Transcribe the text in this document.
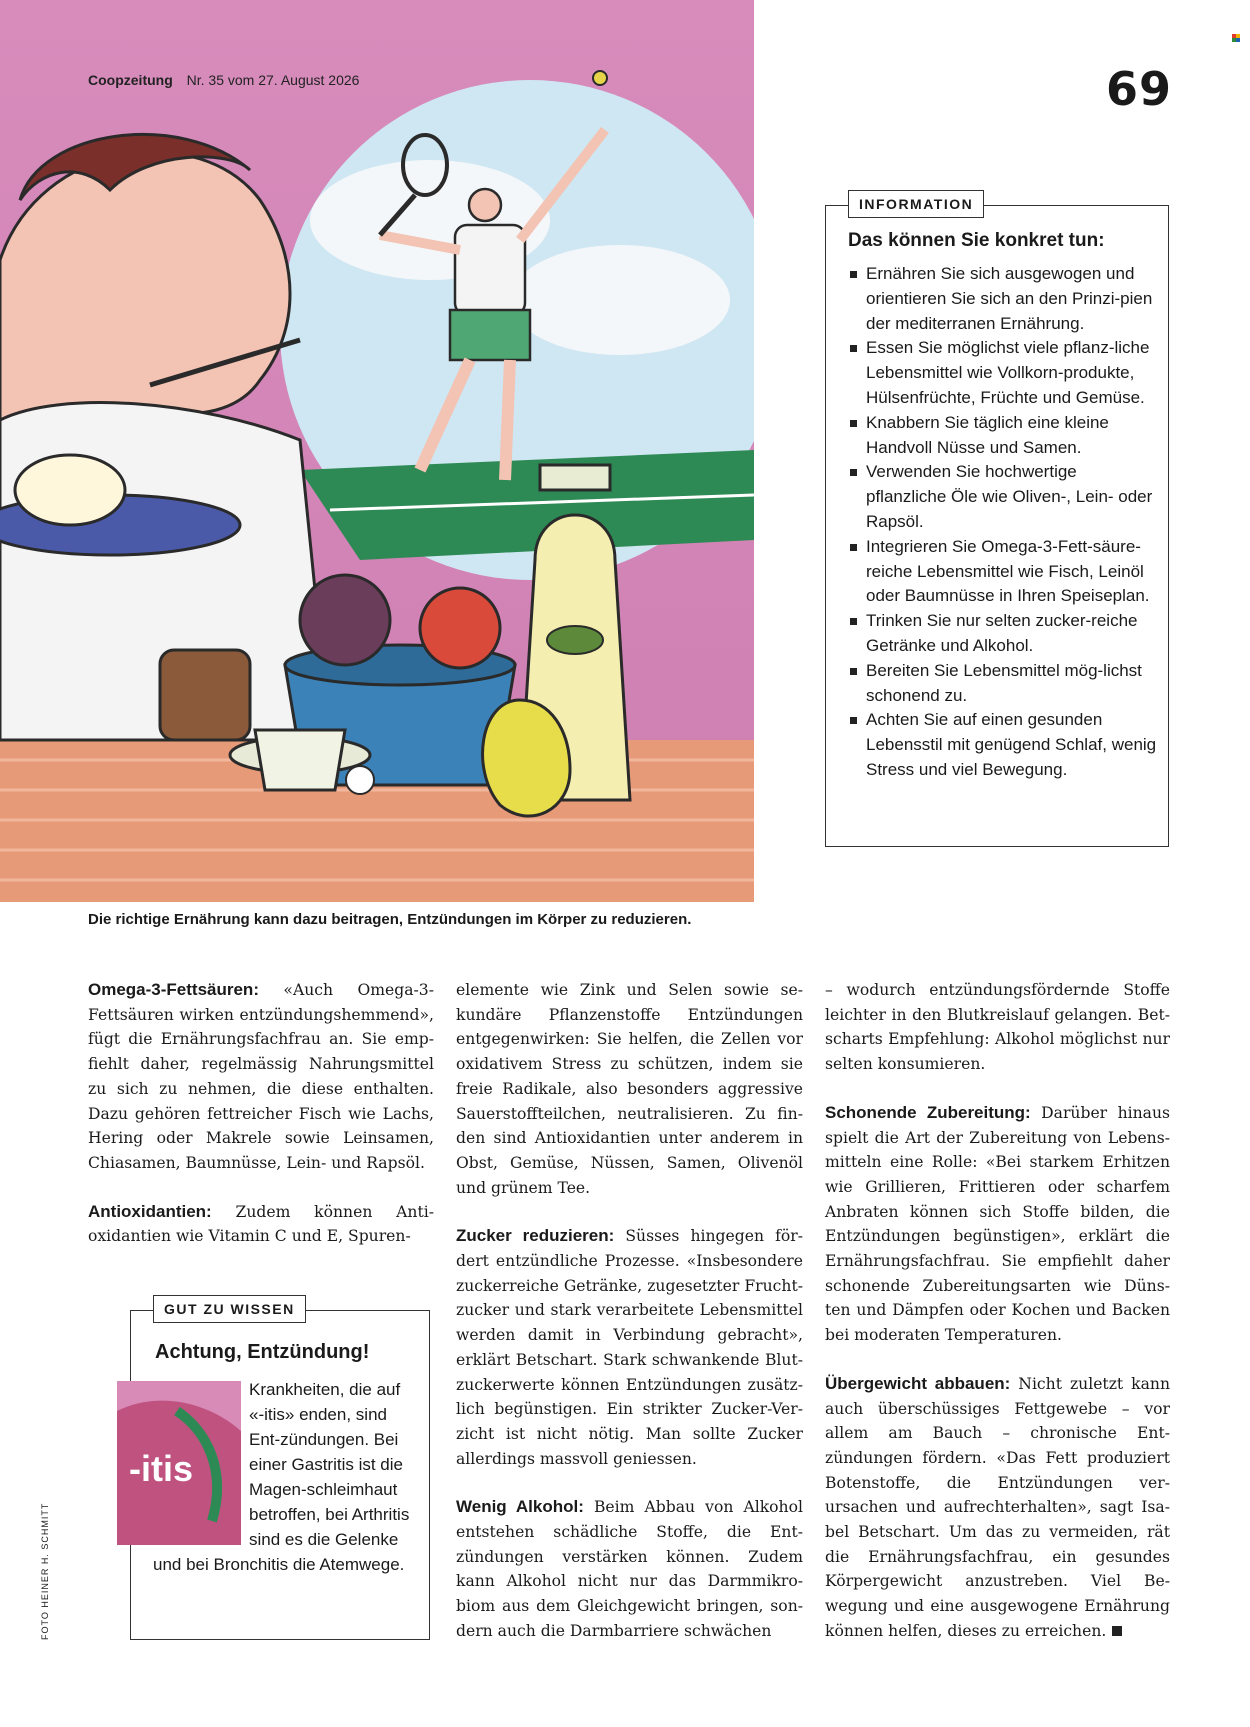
Coopzeitung Nr. 35 vom 27. August 2026	69
INFORMATION
Das können Sie konkret tun:
Ernähren Sie sich ausgewogen und orientieren Sie sich an den Prinzi-pien der mediterranen Ernährung.
Essen Sie möglichst viele pflanz-liche Lebensmittel wie Vollkorn-produkte, Hülsenfrüchte, Früchte und Gemüse.
Knabbern Sie täglich eine kleine Handvoll Nüsse und Samen.
Verwenden Sie hochwertige pflanzliche Öle wie Oliven-, Lein- oder Rapsöl.
Integrieren Sie Omega-3-Fett-säure-reiche Lebensmittel wie Fisch, Leinöl oder Baumnüsse in Ihren Speiseplan.
Trinken Sie nur selten zucker-reiche Getränke und Alkohol.
Bereiten Sie Lebensmittel mög-lichst schonend zu.
Achten Sie auf einen gesunden Lebensstil mit genügend Schlaf, wenig Stress und viel Bewegung.
Die richtige Ernährung kann dazu beitragen, Entzündungen im Körper zu reduzieren.

Omega-3-Fettsäuren: «Auch Omega-3-Fettsäuren wirken entzündungshemmend», fügt die Ernährungsfachfrau an. Sie emp-fiehlt daher, regelmässig Nahrungsmittel zu sich zu nehmen, die diese enthalten. Dazu gehören fettreicher Fisch wie Lachs, Hering oder Makrele sowie Leinsamen, Chiasamen, Baumnüsse, Lein- und Rapsöl.

Antioxidantien: Zudem können Anti-oxidantien wie Vitamin C und E, Spuren-

GUT ZU WISSEN
Achtung, Entzündung!
Krankheiten, die auf «-itis» enden, sind Ent-zündungen. Bei einer Gastritis ist die Magen-schleimhaut betroffen, bei Arthritis sind es die Gelenke und bei Bronchitis die Atemwege.
-itis

elemente wie Zink und Selen sowie se-kundäre Pflanzenstoffe Entzündungen entgegenwirken: Sie helfen, die Zellen vor oxidativem Stress zu schützen, indem sie freie Radikale, also besonders aggressive Sauerstoffteilchen, neutralisieren. Zu fin-den sind Antioxidantien unter anderem in Obst, Gemüse, Nüssen, Samen, Olivenöl und grünem Tee.

Zucker reduzieren: Süsses hingegen för-dert entzündliche Prozesse. «Insbesondere zuckerreiche Getränke, zugesetzter Frucht-zucker und stark verarbeitete Lebensmittel werden damit in Verbindung gebracht», erklärt Betschart. Stark schwankende Blut-zuckerwerte können Entzündungen zusätz-lich begünstigen. Ein strikter Zucker-Ver-zicht ist nicht nötig. Man sollte Zucker allerdings massvoll geniessen.

Wenig Alkohol: Beim Abbau von Alkohol entstehen schädliche Stoffe, die Ent-zündungen verstärken können. Zudem kann Alkohol nicht nur das Darmmikro-biom aus dem Gleichgewicht bringen, son-dern auch die Darmbarriere schwächen

– wodurch entzündungsfördernde Stoffe leichter in den Blutkreislauf gelangen. Bet-scharts Empfehlung: Alkohol möglichst nur selten konsumieren.

Schonende Zubereitung: Darüber hinaus spielt die Art der Zubereitung von Lebens-mitteln eine Rolle: «Bei starkem Erhitzen wie Grillieren, Frittieren oder scharfem Anbraten können sich Stoffe bilden, die Entzündungen begünstigen», erklärt die Ernährungsfachfrau. Sie empfiehlt daher schonende Zubereitungsarten wie Düns-ten und Dämpfen oder Kochen und Backen bei moderaten Temperaturen.

Übergewicht abbauen: Nicht zuletzt kann auch überschüssiges Fettgewebe – vor allem am Bauch – chronische Ent-zündungen fördern. «Das Fett produziert Botenstoffe, die Entzündungen ver-ursachen und aufrechterhalten», sagt Isa-bel Betschart. Um das zu vermeiden, rät die Ernährungsfachfrau, ein gesundes Körpergewicht anzustreben. Viel Be-wegung und eine ausgewogene Ernährung können helfen, dieses zu erreichen.

FOTO HEINER H. SCHMITT
